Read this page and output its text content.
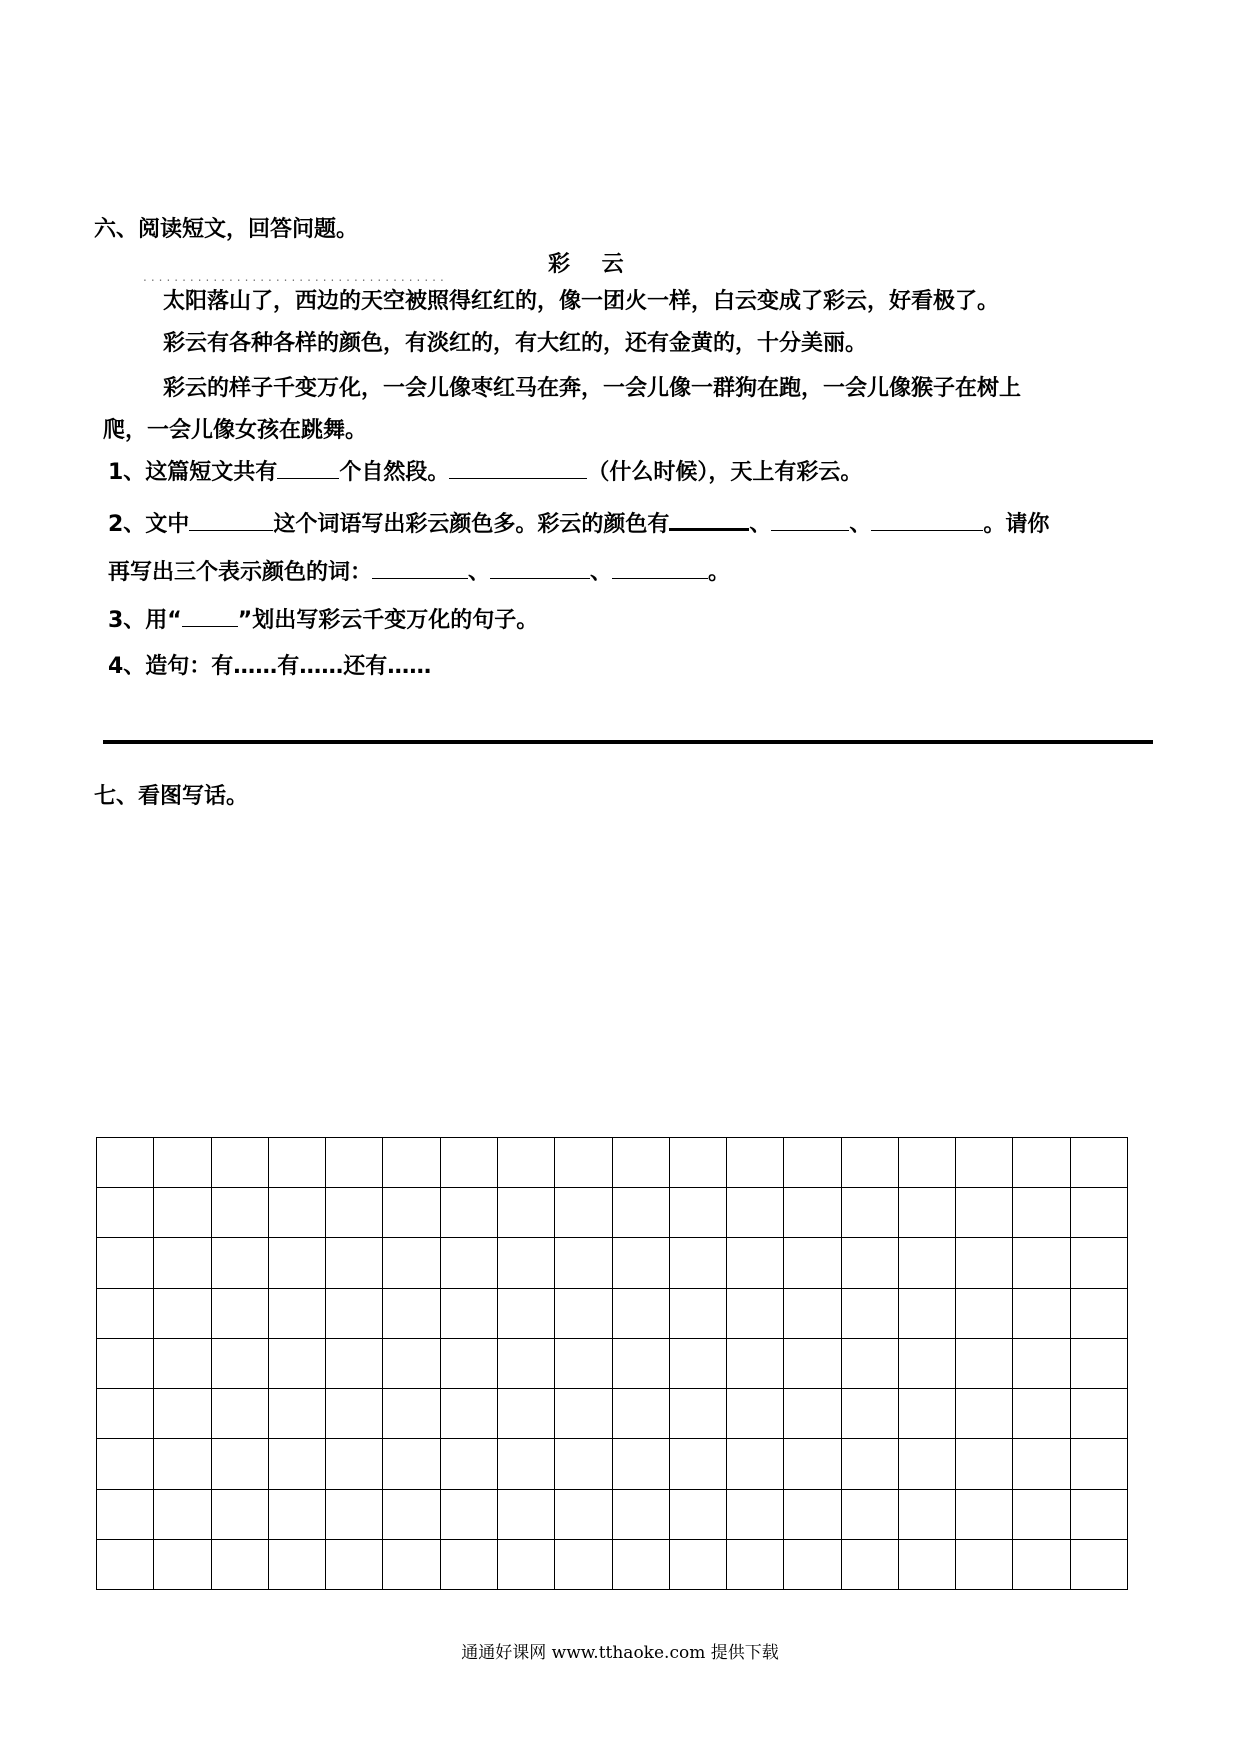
六、阅读短文，回答问题。
.......................................	彩 云
太阳落山了，西边的天空被照得红红的，像一团火一样，白云变成了彩云，好看极了。
彩云有各种各样的颜色，有淡红的，有大红的，还有金黄的，十分美丽。
彩云的样子千变万化，一会儿像枣红马在奔，一会儿像一群狗在跑，一会儿像猴子在树上
爬，一会儿像女孩在跳舞。
1、这篇短文共有	个自然段。	（什么时候），天上有彩云。
2、文中	这个词语写出彩云颜色多。彩云的颜色有	、	、	。请你
再写出三个表示颜色的词：	、	、	。
3、用“	”划出写彩云千变万化的句子。
4、造句：有……有……还有……
七、看图写话。
通通好课网 www.tthaoke.com 提供下载
